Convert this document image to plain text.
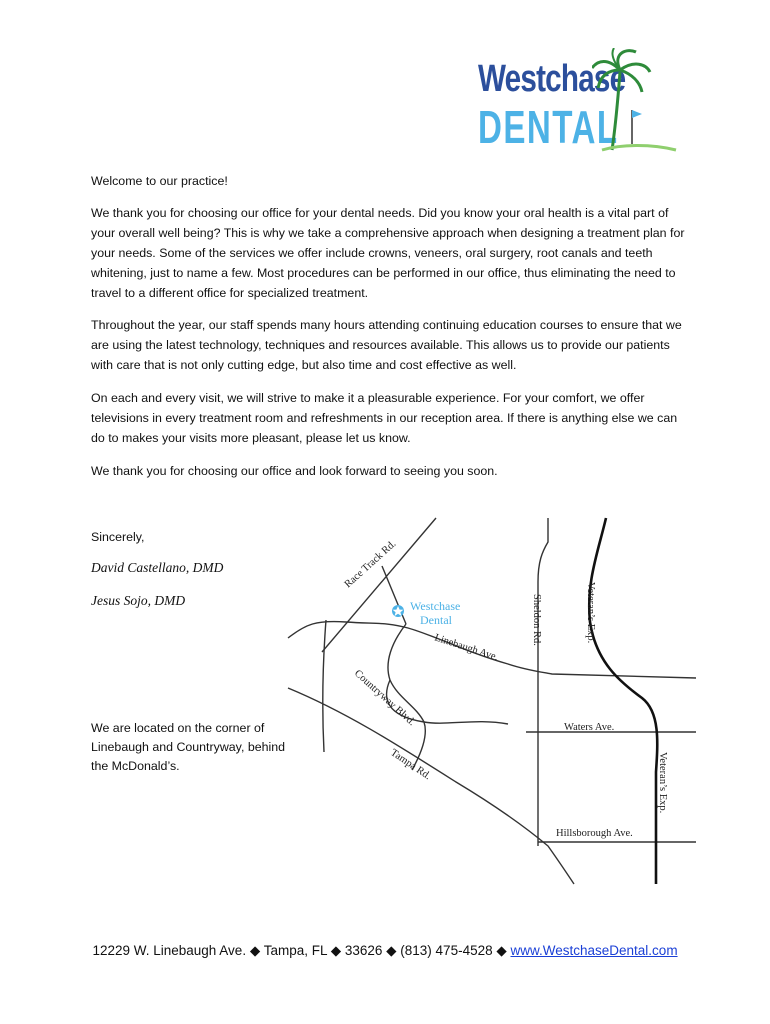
Westchase
DENTAL

Welcome to our practice!

We thank you for choosing our office for your dental needs. Did you know your oral health is a vital part of your overall well being? This is why we take a comprehensive approach when designing a treatment plan for your needs. Some of the services we offer include crowns, veneers, oral surgery, root canals and teeth whitening, just to name a few. Most procedures can be performed in our office, thus eliminating the need to travel to a different office for specialized treatment.

Throughout the year, our staff spends many hours attending continuing education courses to ensure that we are using the latest technology, techniques and resources available. This allows us to provide our patients with care that is not only cutting edge, but also time and cost effective as well.

On each and every visit, we will strive to make it a pleasurable experience. For your comfort, we offer televisions in every treatment room and refreshments in our reception area. If there is anything else we can do to makes your visits more pleasant, please let us know.

We thank you for choosing our office and look forward to seeing you soon.

Sincerely,

David Castellano, DMD
Jesus Sojo, DMD
We are located on the corner of Linebaugh and Countryway, behind the McDonald’s.
Race Track Rd.
Westchase
Dental
Linebaugh Ave.
Countryway Blvd.
Tampa Rd.
Sheldon Rd.	Veteran’s Exp.
Veteran’s Exp.
Waters Ave.
Hillsborough Ave.
12229 W. Linebaugh Ave. ◆ Tampa, FL ◆ 33626 ◆ (813) 475-4528 ◆ www.WestchaseDental.com
